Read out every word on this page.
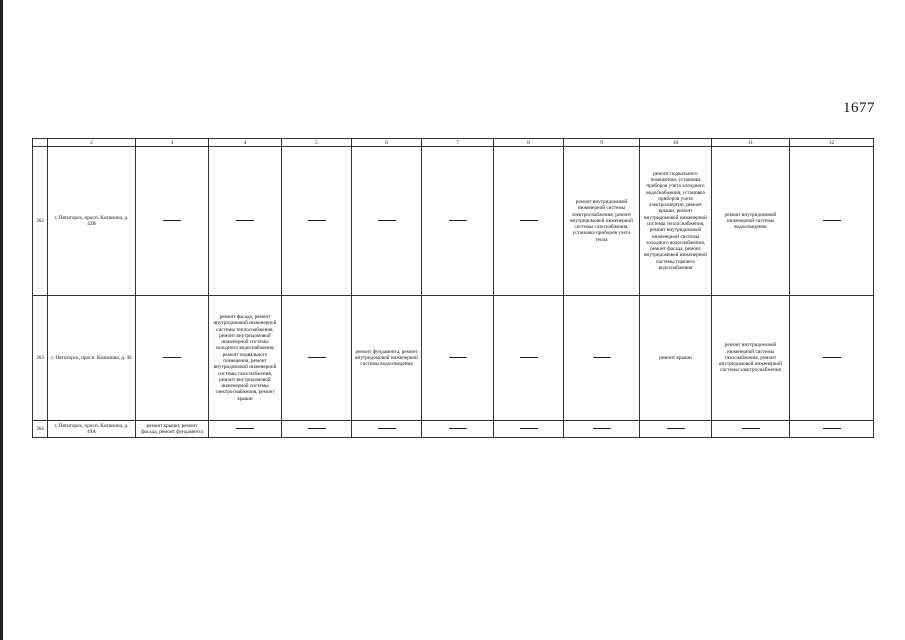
1677
	2	3	4	5	6	7	8	9	10	11	12
362	г. Пятигорск, просп. Калинина, д. 42В							ремонт внутридомовой инженерной системы электроснабжения, ремонт внутридомовой инженерной системы газоснабжения, установка приборов учета тепла	ремонт подвального помещения, установка приборов учета холодного водоснабжения, установка приборов учета электроэнергии, ремонт крыши, ремонт внутридомовой инженерной системы теплоснабжения, ремонт внутридомовой инженерной системы холодного водоснабжения, ремонт фасада, ремонт внутридомовой инженерной системы горячего водоснабжения	ремонт внутридомовой инженерной системы водоотведения	
363	г. Пятигорск, просп. Калинина, д. 48		ремонт фасада, ремонт внутридомовой инженерной системы теплоснабжения, ремонт внутридомовой инженерной системы холодного водоснабжения, ремонт подвального помещения, ремонт внутридомовой инженерной системы газоснабжения, ремонт внутридомовой инженерной системы электроснабжения, ремонт крыши		ремонт фундамента, ремонт внутридомовой инженерной системы водоотведения				ремонт крыши	ремонт внутридомовой инженерной системы газоснабжения, ремонт внутридомовой инженерной системы электроснабжения	
364	г. Пятигорск, просп. Калинина, д. 49А	ремонт крыши, ремонт фасада, ремонт фундамента									
